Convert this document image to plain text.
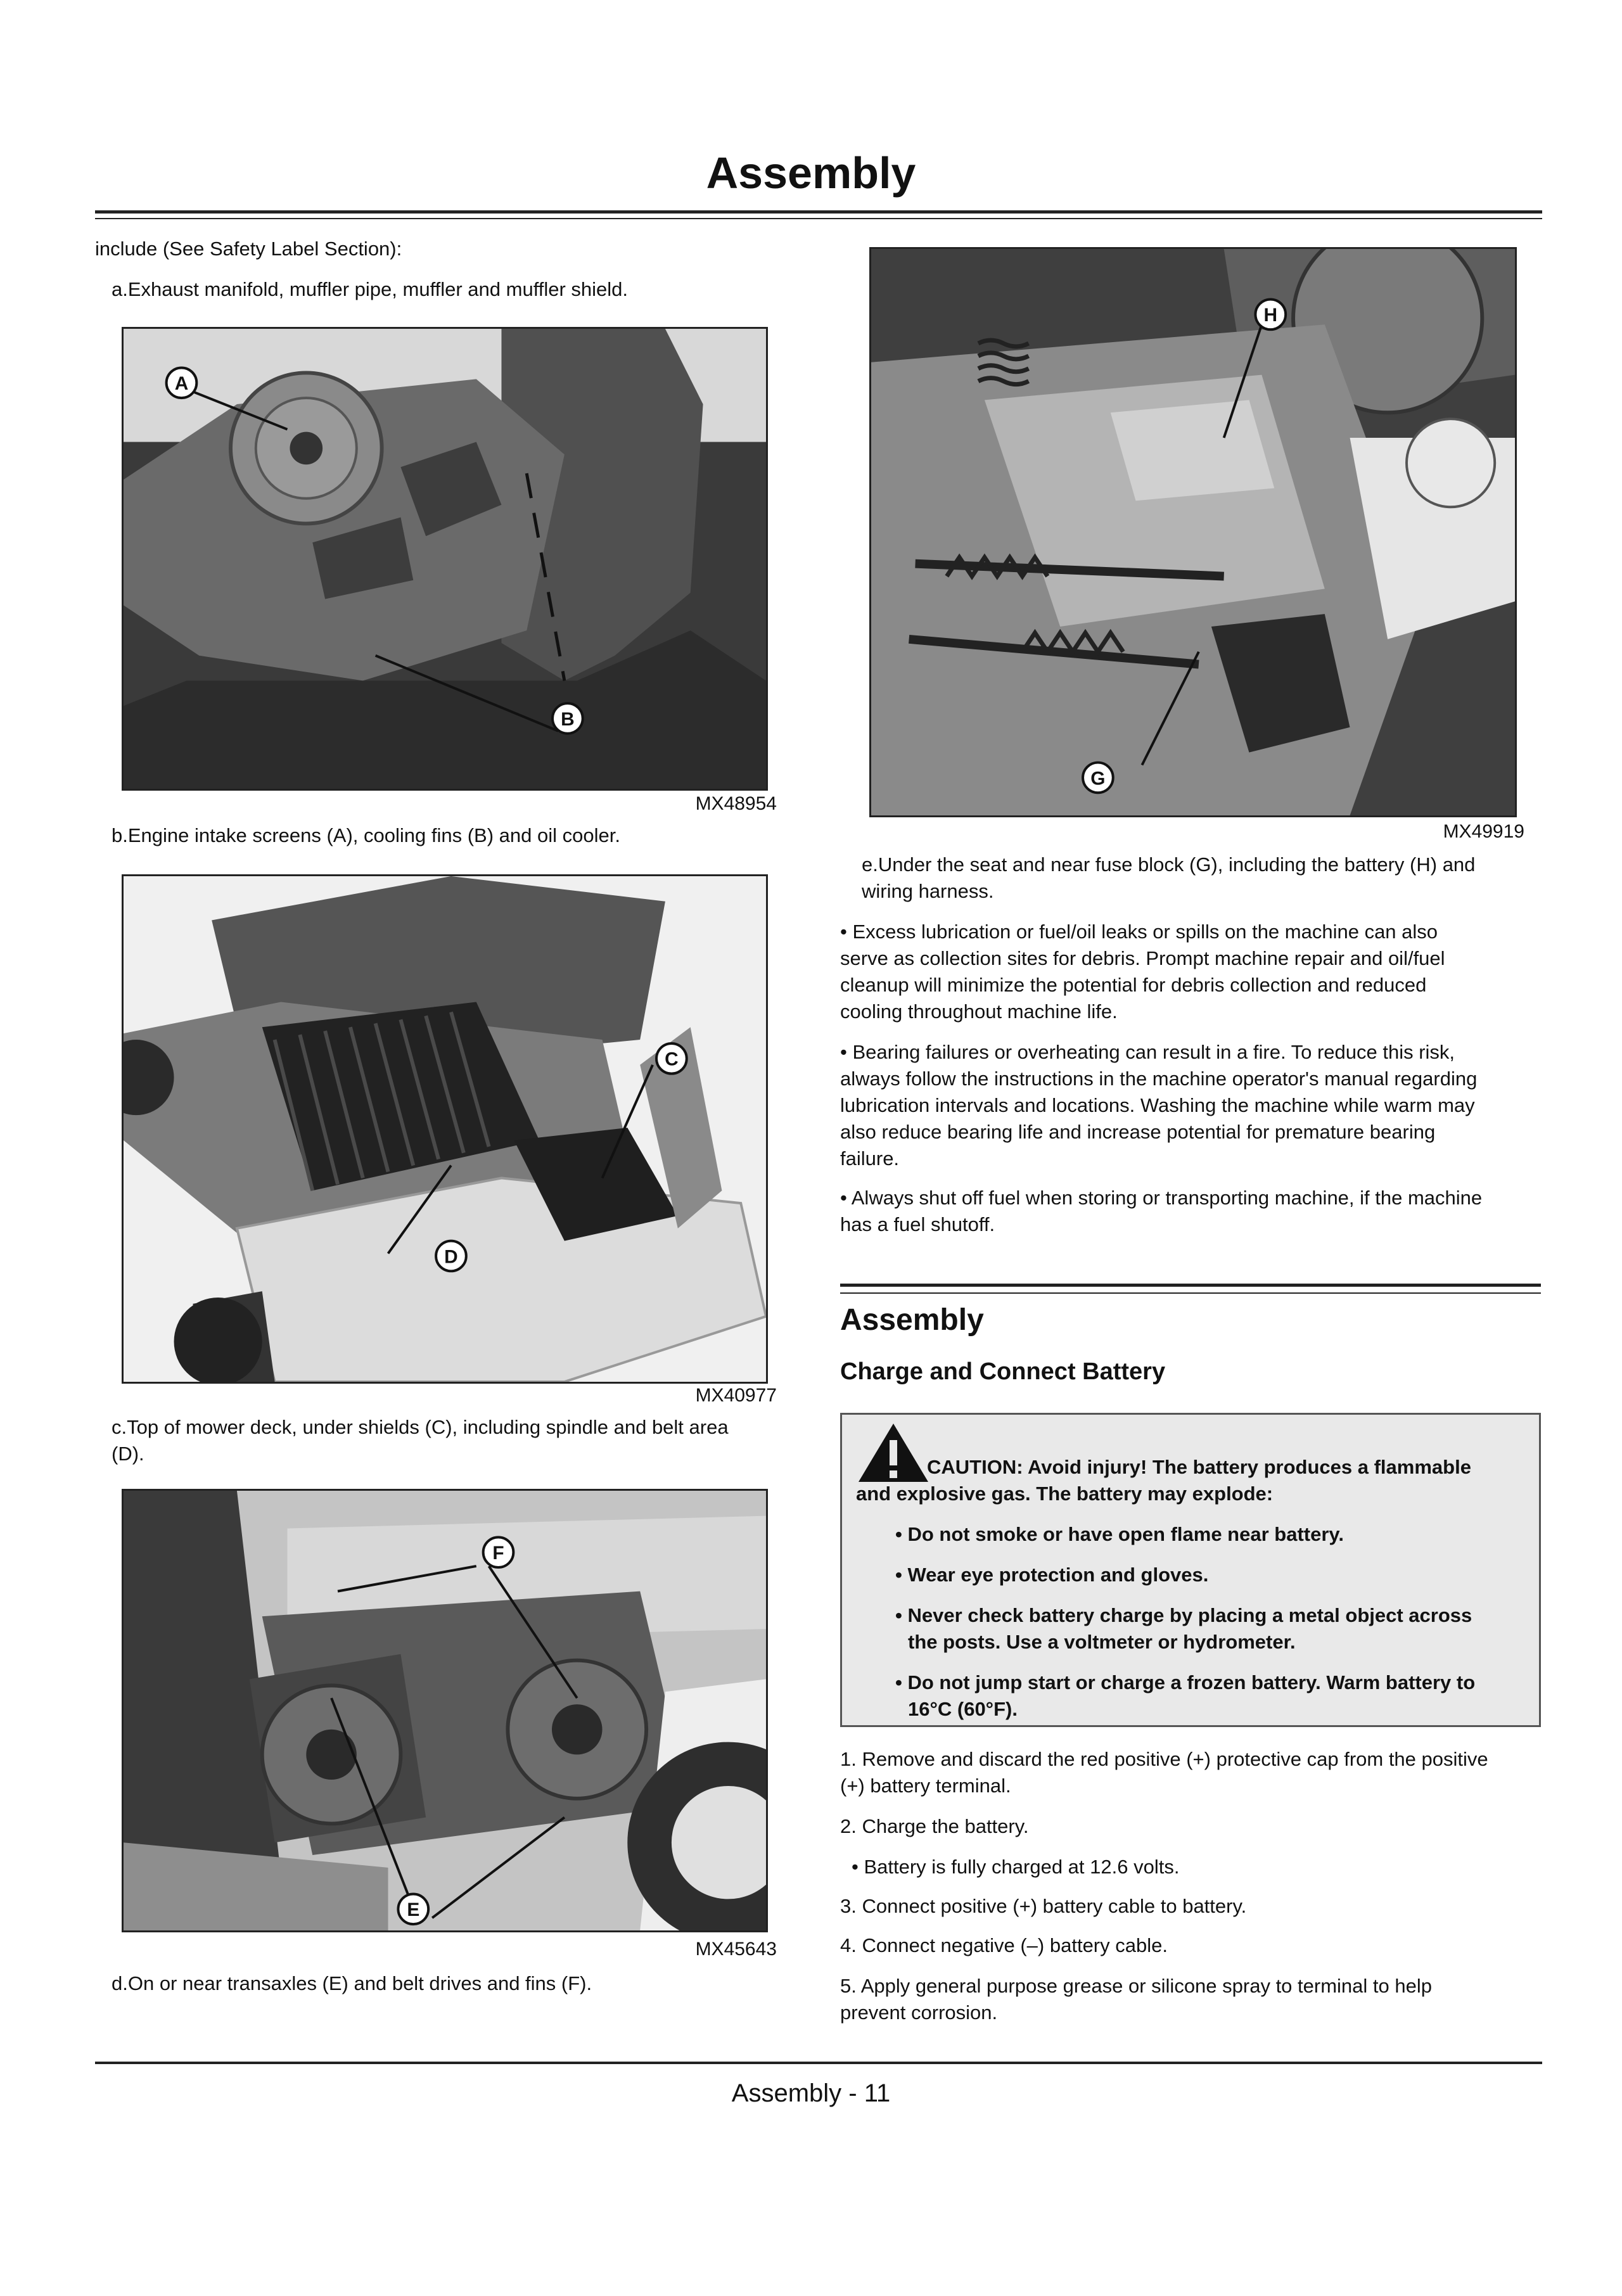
Assembly
include (See Safety Label Section):
a.Exhaust manifold, muffler pipe, muffler and muffler shield.
A
B
MX48954
b.Engine intake screens (A), cooling fins (B) and oil cooler.
C
D
MX40977
c.Top of mower deck, under shields (C), including spindle and belt area
(D).
F
E
MX45643
d.On or near transaxles (E) and belt drives and fins (F).
H
G
MX49919
e.Under the seat and near fuse block (G), including the battery (H) and
wiring harness.
• Excess lubrication or fuel/oil leaks or spills on the machine can also
serve as collection sites for debris. Prompt machine repair and oil/fuel
cleanup will minimize the potential for debris collection and reduced
cooling throughout machine life.
• Bearing failures or overheating can result in a fire. To reduce this risk,
always follow the instructions in the machine operator's manual regarding
lubrication intervals and locations. Washing the machine while warm may
also reduce bearing life and increase potential for premature bearing
failure.
• Always shut off fuel when storing or transporting machine, if the machine
has a fuel shutoff.
Assembly
Charge and Connect Battery
CAUTION: Avoid injury! The battery produces a flammable
and explosive gas. The battery may explode:
• Do not smoke or have open flame near battery.
• Wear eye protection and gloves.
• Never check battery charge by placing a metal object across
the posts. Use a voltmeter or hydrometer.
• Do not jump start or charge a frozen battery. Warm battery to
16°C (60°F).
1. Remove and discard the red positive (+) protective cap from the positive
(+) battery terminal.
2. Charge the battery.
• Battery is fully charged at 12.6 volts.
3. Connect positive (+) battery cable to battery.
4. Connect negative (–) battery cable.
5. Apply general purpose grease or silicone spray to terminal to help
prevent corrosion.
Assembly - 11
